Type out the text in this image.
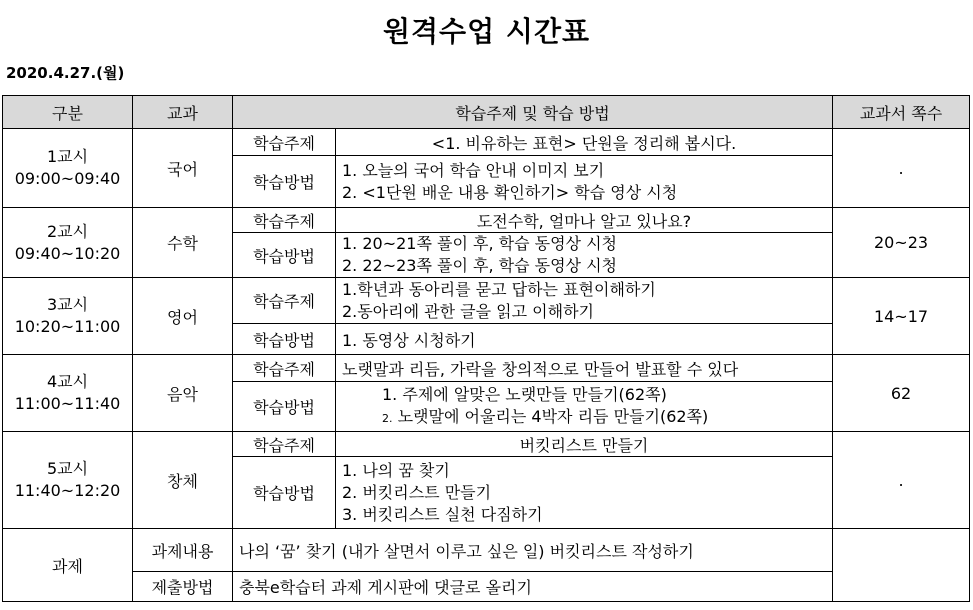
원격수업 시간표
2020.4.27.(월)
구분	교과	학습주제 및 학습 방법		교과서 쪽수

1교시
09:00~09:40	국어	학습주제	<1. 비유하는 표현> 단원을 정리해 봅시다.	.
		학습방법	1. 오늘의 국어 학습 안내 이미지 보기
2. <1단원 배운 내용 확인하기> 학습 영상 시청	

2교시
09:40~10:20	수학	학습주제	도전수학, 얼마나 알고 있나요?	20~23
		학습방법	1. 20~21쪽 풀이 후, 학습 동영상 시청
2. 22~23쪽 풀이 후, 학습 동영상 시청	

3교시
10:20~11:00	영어	학습주제	1.학년과 동아리를 묻고 답하는 표현이해하기
2.동아리에 관한 글을 읽고 이해하기	14~17
		학습방법	1. 동영상 시청하기	

4교시
11:00~11:40	음악	학습주제	노랫말과 리듬, 가락을 창의적으로 만들어 발표할 수 있다	62
		학습방법	1. 주제에 알맞은 노랫만들 만들기(62쪽)
2. 노랫말에 어울리는 4박자 리듬 만들기(62쪽)	

5교시
11:40~12:20	창체	학습주제	버킷리스트 만들기	.
		학습방법	1. 나의 꿈 찾기
2. 버킷리스트 만들기
3. 버킷리스트 실천 다짐하기	

과제	과제내용	나의 ‘꿈’ 찾기 (내가 살면서 이루고 싶은 일) 버킷리스트 작성하기		
	제출방법	충북e학습터 과제 게시판에 댓글로 올리기		
